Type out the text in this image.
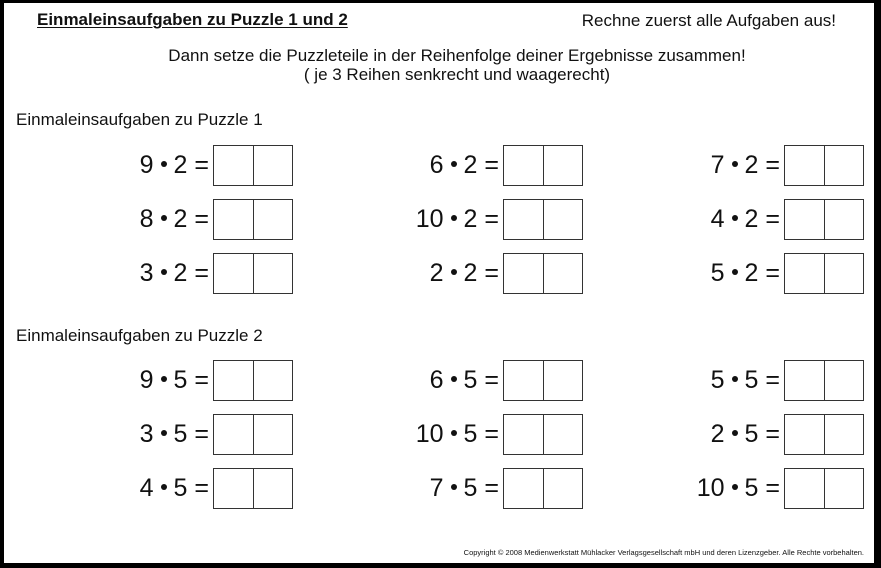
Einmaleinsaufgaben zu Puzzle 1 und 2	Rechne zuerst alle Aufgaben aus!
Dann setze die Puzzleteile in der Reihenfolge deiner Ergebnisse zusammen!
( je 3 Reihen senkrecht und waagerecht)
Einmaleinsaufgaben zu Puzzle 1
9 2 =	6 2 =	7 2 =
8 2 =	10 2 =	4 2 =
3 2 =	2 2 =	5 2 =
Einmaleinsaufgaben zu Puzzle 2
9 5 =	6 5 =	5 5 =
3 5 =	10 5 =	2 5 =
4 5 =	7 5 =	10 5 =
Copyright © 2008 Medienwerkstatt Mühlacker Verlagsgesellschaft mbH und deren Lizenzgeber. Alle Rechte vorbehalten.
